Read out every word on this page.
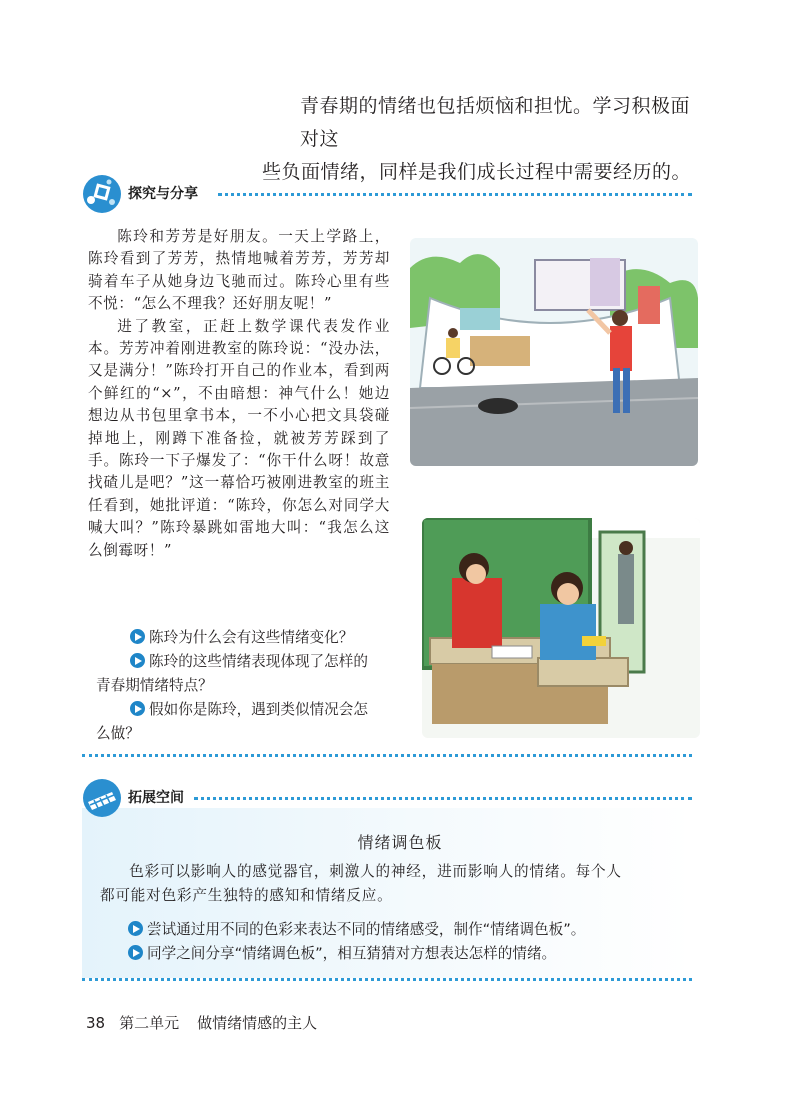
青春期的情绪也包括烦恼和担忧。学习积极面对这

些负面情绪，同样是我们成长过程中需要经历的。

探究与分享

陈玲和芳芳是好朋友。一天上学路上，陈玲看到了芳芳，热情地喊着芳芳，芳芳却骑着车子从她身边飞驰而过。陈玲心里有些不悦：“怎么不理我？还好朋友呢！”

进了教室，正赶上数学课代表发作业本。芳芳冲着刚进教室的陈玲说：“没办法，又是满分！”陈玲打开自己的作业本，看到两个鲜红的“×”，不由暗想：神气什么！她边想边从书包里拿书本，一不小心把文具袋碰掉地上，刚蹲下准备捡，就被芳芳踩到了手。陈玲一下子爆发了：“你干什么呀！故意找碴儿是吧？”这一幕恰巧被刚进教室的班主任看到，她批评道：“陈玲，你怎么对同学大喊大叫？”陈玲暴跳如雷地大叫：“我怎么这么倒霉呀！”

陈玲为什么会有这些情绪变化？
陈玲的这些情绪表现体现了怎样的
青春期情绪特点？
假如你是陈玲，遇到类似情况会怎
么做？
拓展空间
情绪调色板
色彩可以影响人的感觉器官，刺激人的神经，进而影响人的情绪。每个人
都可能对色彩产生独特的感知和情绪反应。
尝试通过用不同的色彩来表达不同的情绪感受，制作“情绪调色板”。
同学之间分享“情绪调色板”，相互猜猜对方想表达怎样的情绪。
38 第二单元 做情绪情感的主人
